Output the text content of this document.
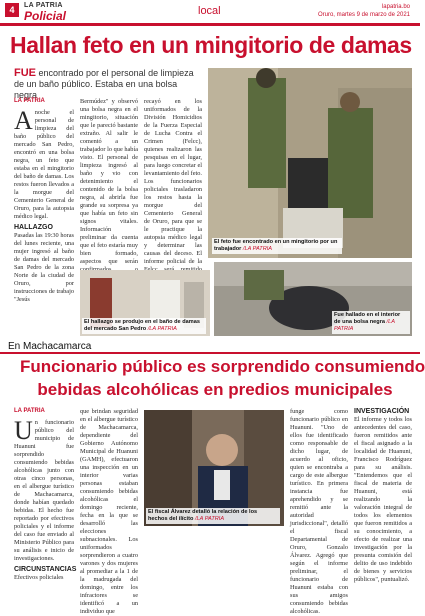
4	LA PATRIA
Policial	local	lapatria.bo
Oruro, martes 9 de marzo de 2021
Hallan feto en un mingitorio de damas
FUE encontrado por el personal de limpieza de un baño público. Estaba en una bolsa negra
LA PATRIA
A noche el personal de limpieza del baño público del mercado San Pedro, encontró en una bolsa negra, un feto que estaba en el mingitorio del baño de damas. Los restos fueron llevados a la morgue del Cementerio General de Oruro, para la autopsia médico legal.
HALLAZGO
Pasadas las 19:30 horas del lunes reciente, una mujer ingresó al baño de damas del mercado San Pedro de la zona Norte de la ciudad de Oruro, por instrucciones de trabajo "Jesús
Bermúdez" y observó una bolsa negra en el mingitorio, situación que le pareció bastante extraño. Al salir le comentó a un trabajador lo que había visto. El personal de limpieza ingresó al baño y vio con detenimiento el contenido de la bolsa negra, al abrirla fue grande su sorpresa ya que había un feto sin signos vitales. Información preliminar da cuenta que el feto estaría muy bien formado, aspectos que serán
recayó en los uniformados de la División Homicidios de la Fuerza Especial de Lucha Contra el Crimen (Felcc), quienes realizaron las pesquisas en el lugar, para luego concretar el levantamiento del feto. Los funcionarios policiales trasladaron los restos hasta la morgue del Cementerio General de Oruro, para que se le practique la autopsia médico legal y determinar las causas del deceso. El informe policial de la
El feto fue encontrado en un mingitorio por un trabajador /LA PATRIA
El hallazgo se produjo en el baño de damas del mercado San Pedro /LA PATRIA
Fue hallado en el interior de una bolsa negra /LA PATRIA
En Machacamarca
Funcionario público es sorprendido consumiendo
bebidas alcohólicas en predios municipales
LA PATRIA
U n funcionario público del municipio de Huanuni fue sorprendido consumiendo bebidas alcohólicas junto con otras cinco personas, en el albergue turístico de Machacamarca, donde habían quedado bebidas. El hecho fue reportado por efectivos policiales y el informe del caso fue enviado al Ministerio Público para su análisis e inicio de investigaciones.
CIRCUNSTANCIAS
Efectivos policiales
que brindan seguridad en el albergue turístico de Machacamarca, dependiente del Gobierno Autónomo Municipal de Huanuni (GAMH), efectuaron una inspección en un interior varias personas estaban consumiendo bebidas alcohólicas el domingo reciente, fecha en la que se desarrolló las elecciones subnacionales. Los uniformados sorprendieron a cuatro varones y dos mujeres al promediar a la 1 de la madrugada del domingo, entre los infractores se identificó a un individuo que
El fiscal Álvarez detalló la relación de los hechos del ilícito /LA PATRIA
funge como funcionario público en Huanuni. "Uno de ellos fue identificado como responsable de dicho lugar, de acuerdo al oficio, quien se encontraba a cargo de este albergue turístico. En primera instancia fue aprehendido y se remitió ante la autoridad jurisdiccional", detalló el fiscal Departamental de Oruro, Gonzalo Álvarez. Agregó que según el informe preliminar, el funcionario de Huanuni estaba con sus amigos consumiendo bebidas alcohólicas.
INVESTIGACIÓN
El informe y todos los antecedentes del caso, fueron remitidos ante el fiscal asignado a la localidad de Huanuni, Francisco Rodríguez para su análisis. "Entendemos que el fiscal de materia de Huanuni, está realizando la valoración integral de todos los elementos que fueron remitidos a su conocimiento, a efecto de realizar una investigación por la presunta comisión del delito de uso indebido de bienes y servicios públicos", puntualizó.
